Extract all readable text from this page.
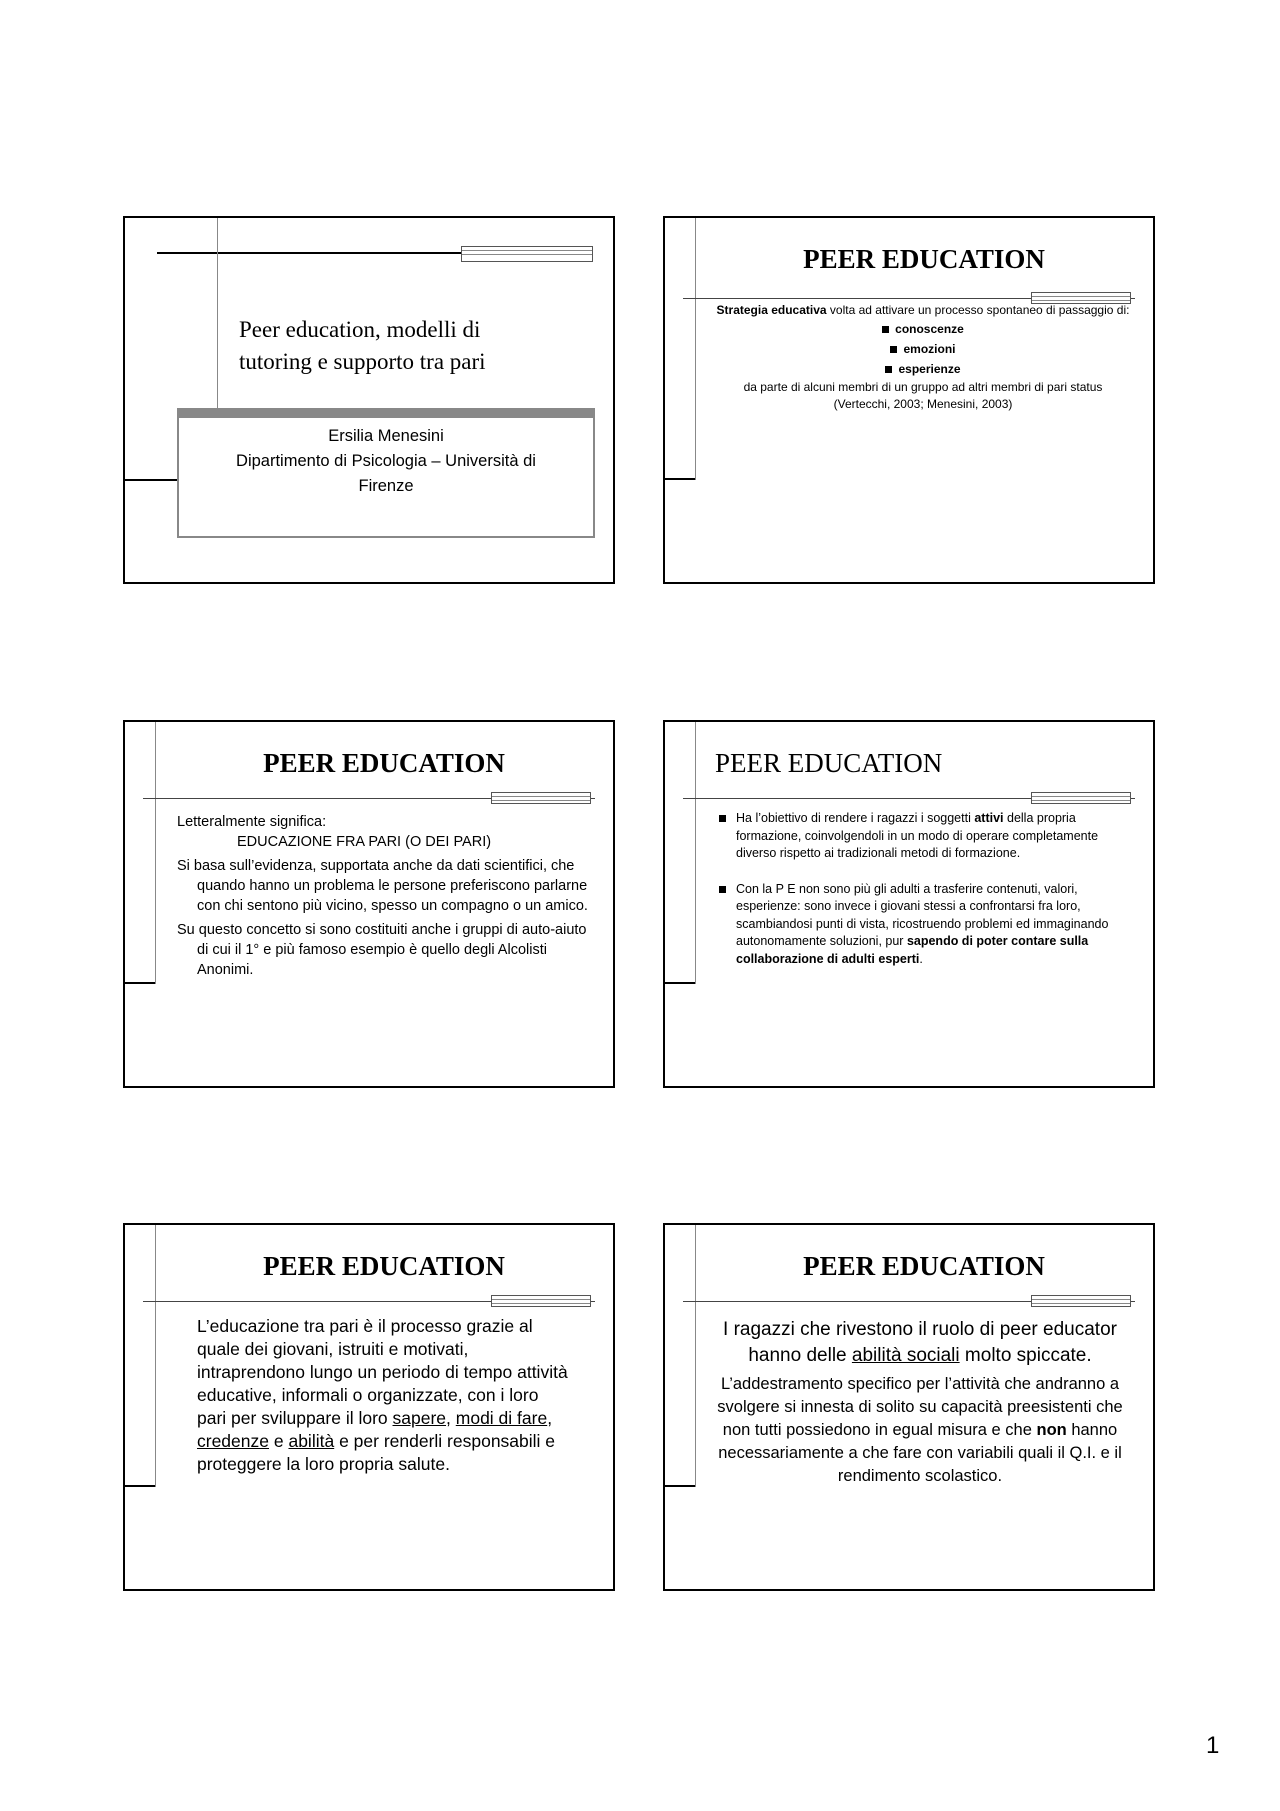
Peer education, modelli di
tutoring e supporto tra pari
Ersilia Menesini
Dipartimento di Psicologia – Università di
Firenze
PEER EDUCATION

Strategia educativa volta ad attivare un processo spontaneo di passaggio di:

conoscenze
emozioni
esperienze

da parte di alcuni membri di un gruppo ad altri membri di pari status (Vertecchi, 2003; Menesini, 2003)

PEER EDUCATION

Letteralmente significa:

EDUCAZIONE FRA PARI (O DEI PARI)

Si basa sull’evidenza, supportata anche da dati scientifici, che quando hanno un problema le persone preferiscono parlarne con chi sentono più vicino, spesso un compagno o un amico.

Su questo concetto si sono costituiti anche i gruppi di auto-aiuto di cui il 1° e più famoso esempio è quello degli Alcolisti Anonimi.

PEER EDUCATION
Ha l’obiettivo di rendere i ragazzi i soggetti attivi della propria formazione, coinvolgendoli in un modo di operare completamente diverso rispetto ai tradizionali metodi di formazione.
Con la P E non sono più gli adulti a trasferire contenuti, valori, esperienze: sono invece i giovani stessi a confrontarsi fra loro, scambiandosi punti di vista, ricostruendo problemi ed immaginando autonomamente soluzioni, pur sapendo di poter contare sulla collaborazione di adulti esperti.
PEER EDUCATION

L’educazione tra pari è il processo grazie al quale dei giovani, istruiti e motivati, intraprendono lungo un periodo di tempo attività educative, informali o organizzate, con i loro pari per sviluppare il loro sapere, modi di fare, credenze e abilità e per renderli responsabili e proteggere la loro propria salute.

PEER EDUCATION

I ragazzi che rivestono il ruolo di peer educator hanno delle abilità sociali molto spiccate.

L’addestramento specifico per l’attività che andranno a svolgere si innesta di solito su capacità preesistenti che non tutti possiedono in egual misura e che non hanno necessariamente a che fare con variabili quali il Q.I. e il rendimento scolastico.

1
